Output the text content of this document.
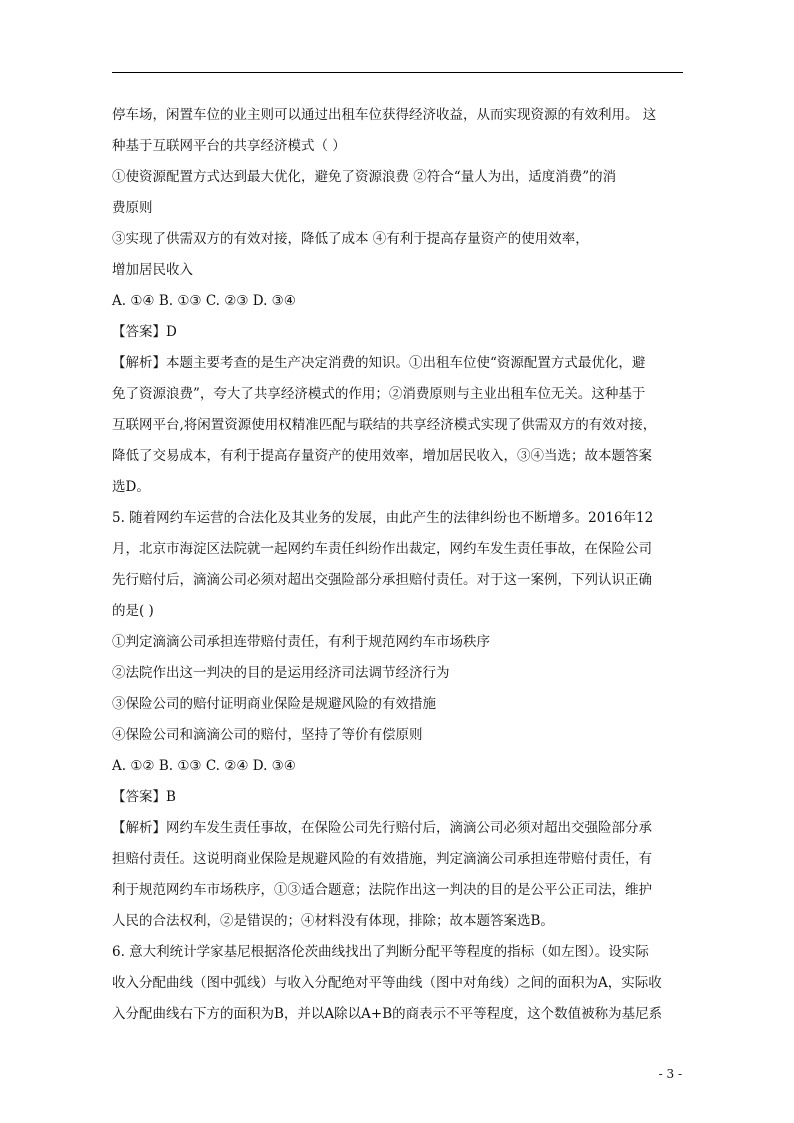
停车场，闲置车位的业主则可以通过出租车位获得经济收益，从而实现资源的有效利用。 这
种基于互联网平台的共享经济模式（ ）
①使资源配置方式达到最大优化，避免了资源浪费 ②符合“量人为出，适度消费”的消
费原则
③实现了供需双方的有效对接，降低了成本 ④有利于提高存量资产的使用效率，
增加居民收入
A. ①④ B. ①③ C. ②③ D. ③④
【答案】D
【解析】本题主要考查的是生产决定消费的知识。①出租车位使“资源配置方式最优化，避
免了资源浪费”，夸大了共享经济模式的作用；②消费原则与主业出租车位无关。这种基于
互联网平台,将闲置资源使用权精准匹配与联结的共享经济模式实现了供需双方的有效对接，
降低了交易成本，有利于提高存量资产的使用效率，增加居民收入，③④当选；故本题答案
选D。
5. 随着网约车运营的合法化及其业务的发展，由此产生的法律纠纷也不断增多。2016年12
月，北京市海淀区法院就一起网约车责任纠纷作出裁定，网约车发生责任事故，在保险公司
先行赔付后，滴滴公司必须对超出交强险部分承担赔付责任。对于这一案例，下列认识正确
的是( )
①判定滴滴公司承担连带赔付责任，有利于规范网约车市场秩序
②法院作出这一判决的目的是运用经济司法调节经济行为
③保险公司的赔付证明商业保险是规避风险的有效措施
④保险公司和滴滴公司的赔付，坚持了等价有偿原则
A. ①② B. ①③ C. ②④ D. ③④
【答案】B
【解析】网约车发生责任事故，在保险公司先行赔付后，滴滴公司必须对超出交强险部分承
担赔付责任。这说明商业保险是规避风险的有效措施，判定滴滴公司承担连带赔付责任，有
利于规范网约车市场秩序，①③适合题意；法院作出这一判决的目的是公平公正司法，维护
人民的合法权利，②是错误的；④材料没有体现，排除；故本题答案选B。
6. 意大利统计学家基尼根据洛伦茨曲线找出了判断分配平等程度的指标（如左图）。设实际
收入分配曲线（图中弧线）与收入分配绝对平等曲线（图中对角线）之间的面积为A，实际收
入分配曲线右下方的面积为B，并以A除以A+B的商表示不平等程度，这个数值被称为基尼系
- 3 -
